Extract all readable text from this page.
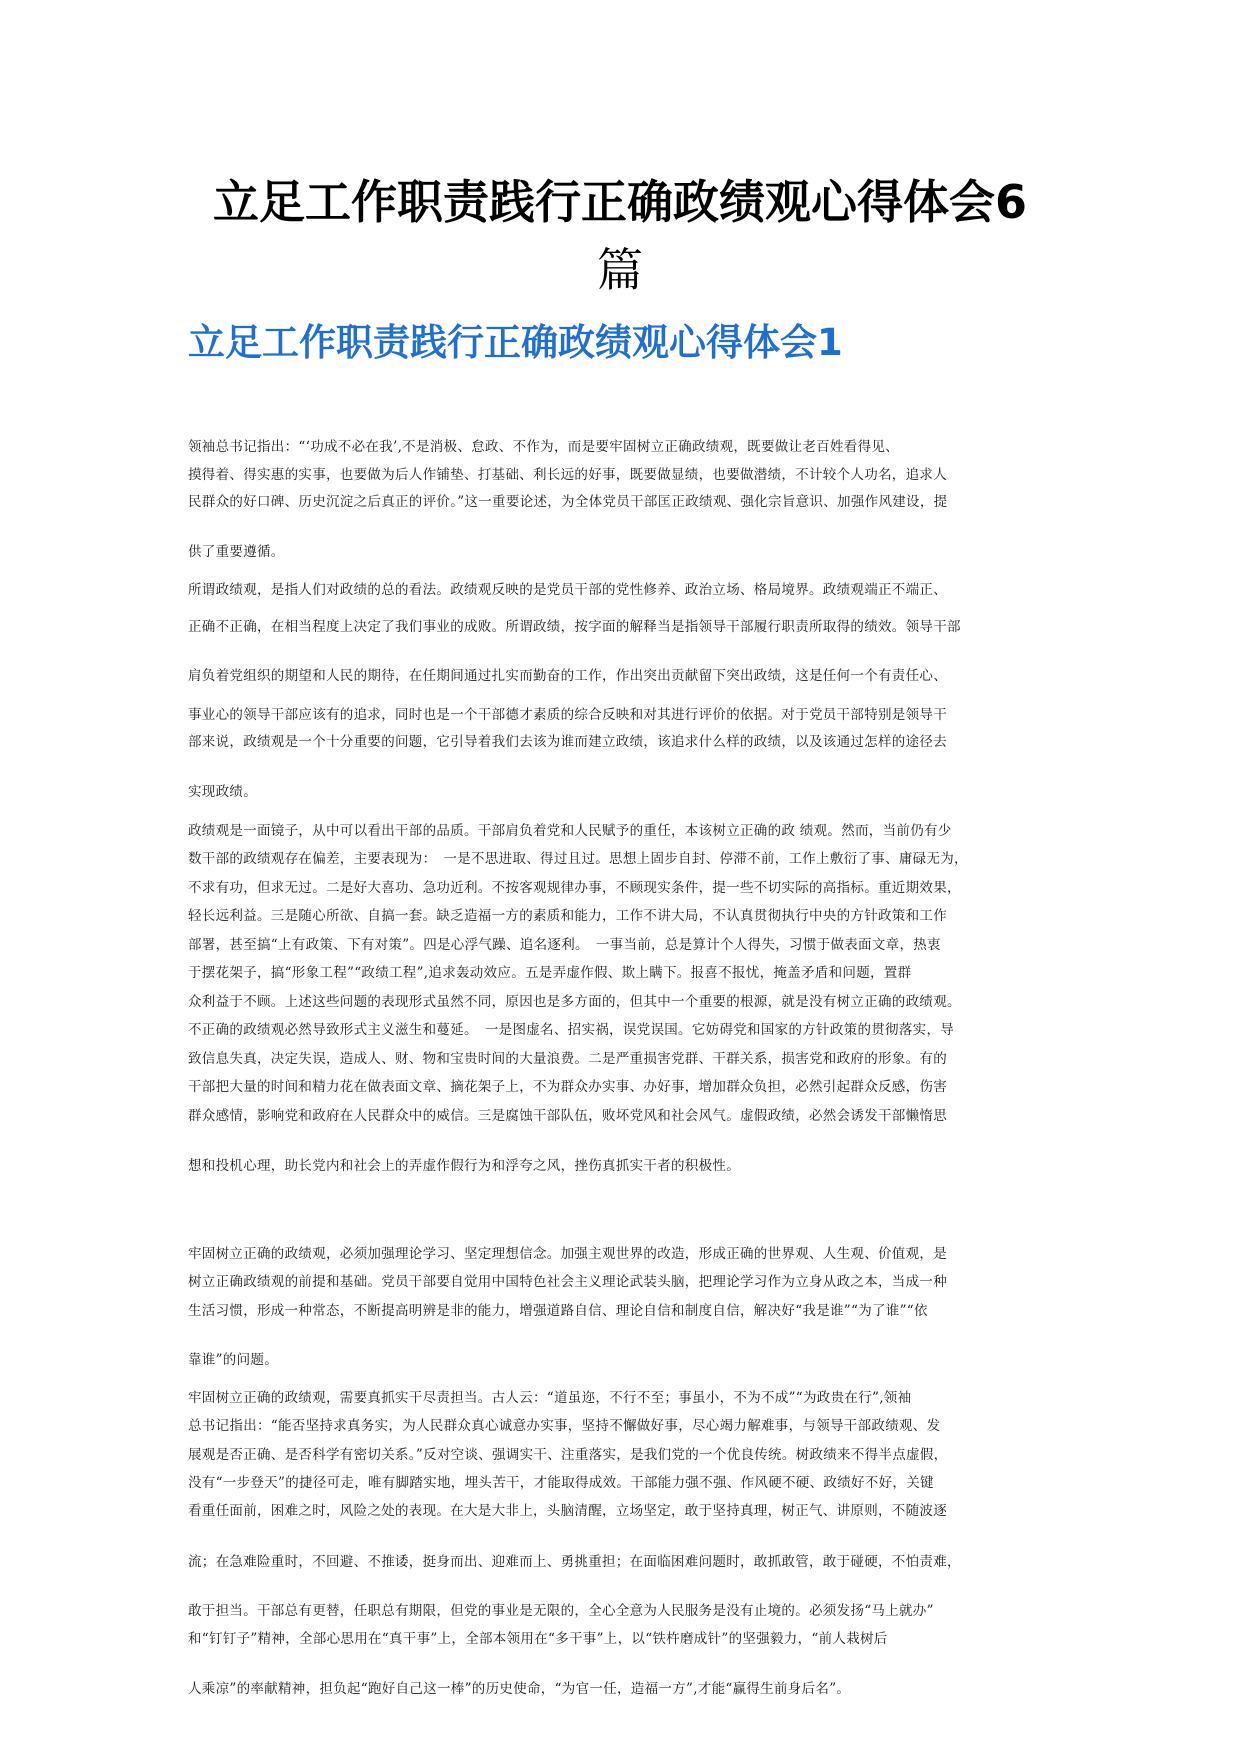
立足工作职责践行正确政绩观心得体会6
篇
立足工作职责践行正确政绩观心得体会1
领袖总书记指出：“‘功成不必在我’,不是消极、怠政、不作为，而是要牢固树立正确政绩观，既要做让老百姓看得见、
摸得着、得实惠的实事，也要做为后人作铺垫、打基础、利长远的好事，既要做显绩，也要做潜绩，不计较个人功名，追求人
民群众的好口碑、历史沉淀之后真正的评价。”这一重要论述，为全体党员干部匡正政绩观、强化宗旨意识、加强作风建设，提
供了重要遵循。
所谓政绩观，是指人们对政绩的总的看法。政绩观反映的是党员干部的党性修养、政治立场、格局境界。政绩观端正不端正、
正确不正确，在相当程度上决定了我们事业的成败。所谓政绩，按字面的解释当是指领导干部履行职责所取得的绩效。领导干部
肩负着党组织的期望和人民的期待，在任期间通过扎实而勤奋的工作，作出突出贡献留下突出政绩，这是任何一个有责任心、
事业心的领导干部应该有的追求，同时也是一个干部德才素质的综合反映和对其进行评价的依据。对于党员干部特别是领导干
部来说，政绩观是一个十分重要的问题，它引导着我们去该为谁而建立政绩，该追求什么样的政绩，以及该通过怎样的途径去
实现政绩。
政绩观是一面镜子，从中可以看出干部的品质。干部肩负着党和人民赋予的重任，本该树立正确的政 绩观。然而，当前仍有少
数干部的政绩观存在偏差，主要表现为：　一是不思进取、得过且过。思想上固步自封、停滞不前，工作上敷衍了事、庸碌无为，
不求有功，但求无过。二是好大喜功、急功近利。不按客观规律办事，不顾现实条件，提一些不切实际的高指标。重近期效果，
轻长远利益。三是随心所欲、自搞一套。缺乏造福一方的素质和能力，工作不讲大局，不认真贯彻执行中央的方针政策和工作
部署，甚至搞“上有政策、下有对策”。四是心浮气躁、追名逐利。　一事当前，总是算计个人得失，习惯于做表面文章，热衷
于摆花架子，搞“形象工程”“政绩工程”,追求轰动效应。五是弄虚作假、欺上瞒下。报喜不报忧，掩盖矛盾和问题，置群
众利益于不顾。上述这些问题的表现形式虽然不同，原因也是多方面的，但其中一个重要的根源，就是没有树立正确的政绩观。
不正确的政绩观必然导致形式主义滋生和蔓延。　一是图虚名、招实祸，误党误国。它妨碍党和国家的方针政策的贯彻落实，导
致信息失真，决定失误，造成人、财、物和宝贵时间的大量浪费。二是严重损害党群、干群关系，损害党和政府的形象。有的
干部把大量的时间和精力花在做表面文章、摘花架子上，不为群众办实事、办好事，增加群众负担，必然引起群众反感，伤害
群众感情，影响党和政府在人民群众中的威信。三是腐蚀干部队伍，败坏党风和社会风气。虚假政绩，必然会诱发干部懒惰思
想和投机心理，助长党内和社会上的弄虚作假行为和浮夸之风，挫伤真抓实干者的积极性。
牢固树立正确的政绩观，必须加强理论学习、坚定理想信念。加强主观世界的改造，形成正确的世界观、人生观、价值观，是
树立正确政绩观的前提和基础。党员干部要自觉用中国特色社会主义理论武装头脑，把理论学习作为立身从政之本，当成一种
生活习惯，形成一种常态，不断提高明辨是非的能力，增强道路自信、理论自信和制度自信，解决好“我是谁”“为了谁”“依
靠谁”的问题。
牢固树立正确的政绩观，需要真抓实干尽责担当。古人云：“道虽迩，不行不至；事虽小，不为不成”“为政贵在行”,领袖
总书记指出：“能否坚持求真务实，为人民群众真心诚意办实事，坚持不懈做好事，尽心竭力解难事，与领导干部政绩观、发
展观是否正确、是否科学有密切关系。”反对空谈、强调实干、注重落实，是我们党的一个优良传统。树政绩来不得半点虚假，
没有“一步登天”的捷径可走，唯有脚踏实地，埋头苦干，才能取得成效。干部能力强不强、作风硬不硬、政绩好不好，关键
看重任面前，困难之时，风险之处的表现。在大是大非上，头脑清醒，立场坚定，敢于坚持真理，树正气、讲原则，不随波逐
流；在急难险重时，不回避、不推诿，挺身而出、迎难而上、勇挑重担；在面临困难问题时，敢抓敢管，敢于碰硬，不怕责难，
敢于担当。干部总有更替，任职总有期限，但党的事业是无限的，全心全意为人民服务是没有止境的。必须发扬“马上就办”
和“钉钉子”精神，全部心思用在“真干事”上，全部本领用在“多干事”上，以“铁杵磨成针”的坚强毅力，“前人栽树后
人乘凉”的率献精神，担负起“跑好自己这一棒”的历史使命，“为官一任，造福一方”,才能“赢得生前身后名”。
